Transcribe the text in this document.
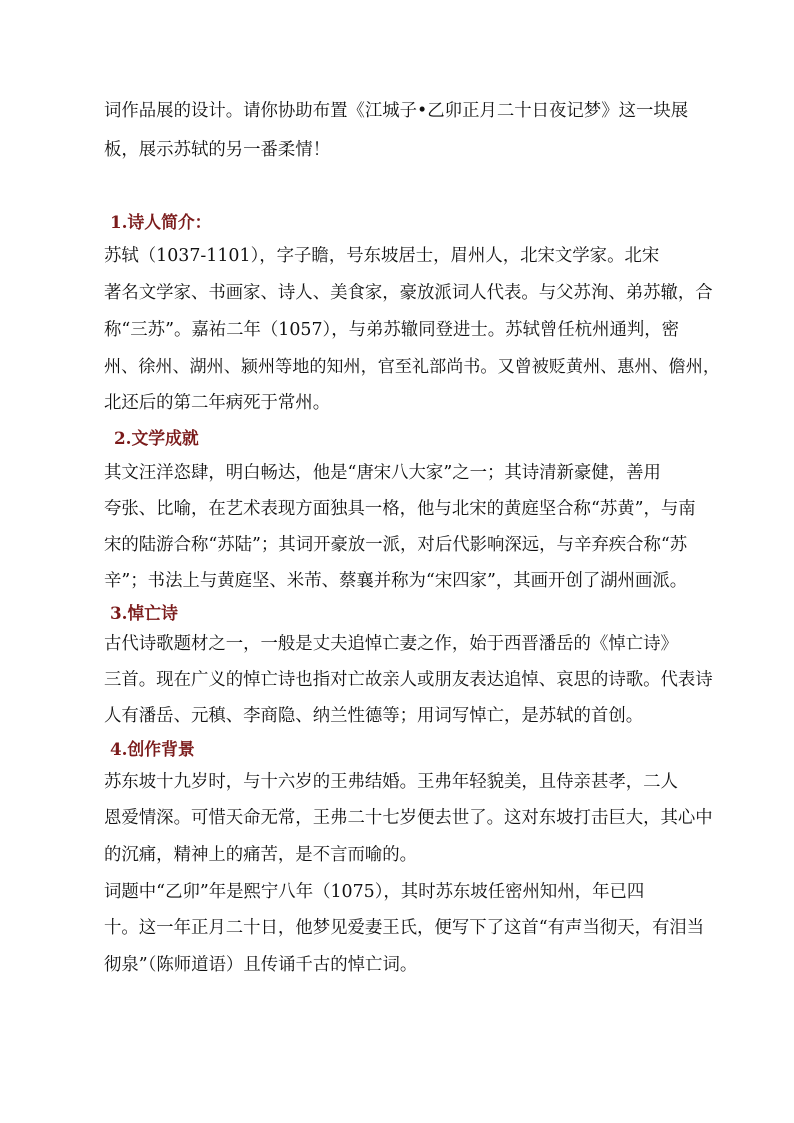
词作品展的设计。请你协助布置《江城子•乙卯正月二十日夜记梦》这一块展

板，展示苏轼的另一番柔情！

1.诗人简介：

苏轼（1037-1101），字子瞻，号东坡居士，眉州人，北宋文学家。北宋

著名文学家、书画家、诗人、美食家，豪放派词人代表。与父苏洵、弟苏辙，合

称“三苏”。嘉祐二年（1057），与弟苏辙同登进士。苏轼曾任杭州通判，密

州、徐州、湖州、颍州等地的知州，官至礼部尚书。又曾被贬黄州、惠州、儋州，

北还后的第二年病死于常州。

2.文学成就

其文汪洋恣肆，明白畅达，他是“唐宋八大家”之一；其诗清新豪健，善用

夸张、比喻，在艺术表现方面独具一格，他与北宋的黄庭坚合称“苏黄”，与南

宋的陆游合称“苏陆”；其词开豪放一派，对后代影响深远，与辛弃疾合称“苏

辛”；书法上与黄庭坚、米芾、蔡襄并称为“宋四家”，其画开创了湖州画派。

3.悼亡诗

古代诗歌题材之一，一般是丈夫追悼亡妻之作，始于西晋潘岳的《悼亡诗》

三首。现在广义的悼亡诗也指对亡故亲人或朋友表达追悼、哀思的诗歌。代表诗

人有潘岳、元稹、李商隐、纳兰性德等；用词写悼亡，是苏轼的首创。

4.创作背景

苏东坡十九岁时，与十六岁的王弗结婚。王弗年轻貌美，且侍亲甚孝，二人

恩爱情深。可惜天命无常，王弗二十七岁便去世了。这对东坡打击巨大，其心中

的沉痛，精神上的痛苦，是不言而喻的。

词题中“乙卯”年是熙宁八年（1075），其时苏东坡任密州知州，年已四

十。这一年正月二十日，他梦见爱妻王氏，便写下了这首“有声当彻天，有泪当

彻泉”（陈师道语）且传诵千古的悼亡词。
